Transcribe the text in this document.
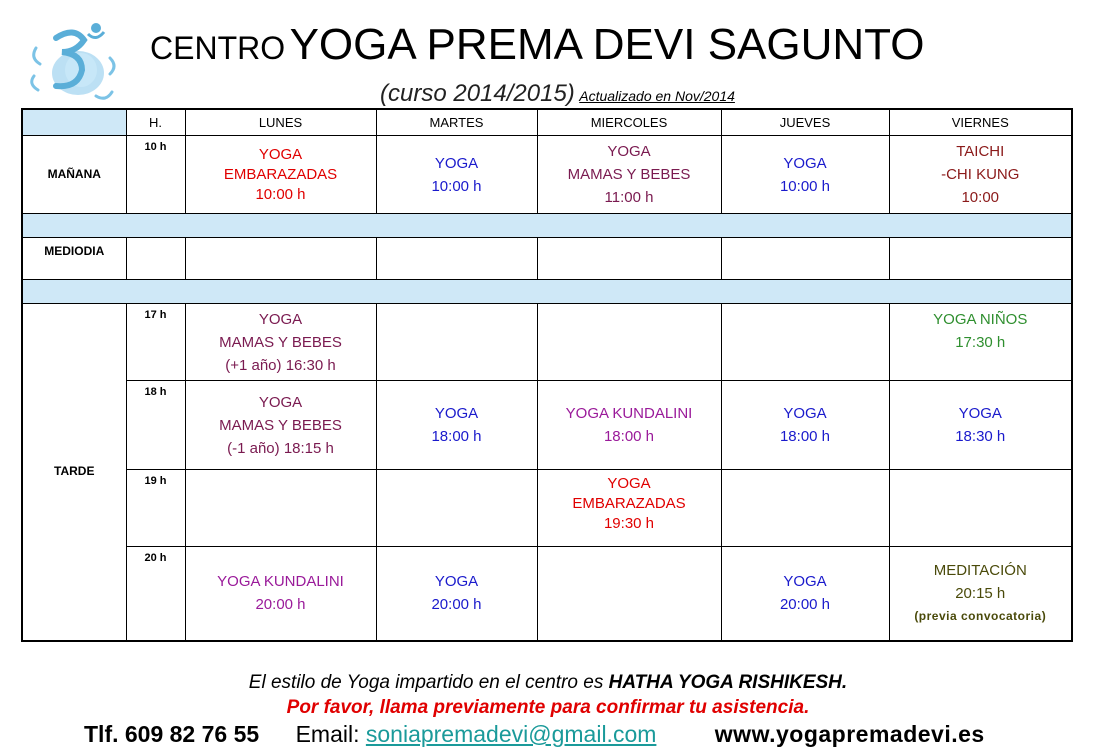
CENTRO YOGA PREMA DEVI SAGUNTO
(curso 2014/2015) Actualizado en Nov/2014
	H.	LUNES	MARTES	MIERCOLES	JUEVES	VIERNES
MAÑANA	10 h	YOGA
EMBARAZADAS
10:00 h	YOGA
10:00 h	YOGA
MAMAS Y BEBES
11:00 h	YOGA
10:00 h	TAICHI
-CHI KUNG
10:00

MEDIODIA						

TARDE	17 h	YOGA
MAMAS Y BEBES
(+1 año) 16:30 h				YOGA NIÑOS
17:30 h

	18 h	YOGA
MAMAS Y BEBES
(-1 año) 18:15 h	YOGA
18:00 h	YOGA KUNDALINI
18:00 h	YOGA
18:00 h	YOGA
18:30 h

	19 h			YOGA
EMBARAZADAS
19:30 h		

	20 h	YOGA KUNDALINI
20:00 h	YOGA
20:00 h		YOGA
20:00 h	MEDITACIÓN
20:15 h
(previa convocatoria)
El estilo de Yoga impartido en el centro es HATHA YOGA RISHIKESH.
Por favor, llama previamente para confirmar tu asistencia.
Tlf. 609 82 76 55 Email: soniapremadevi@gmail.com	www.yogapremadevi.es
